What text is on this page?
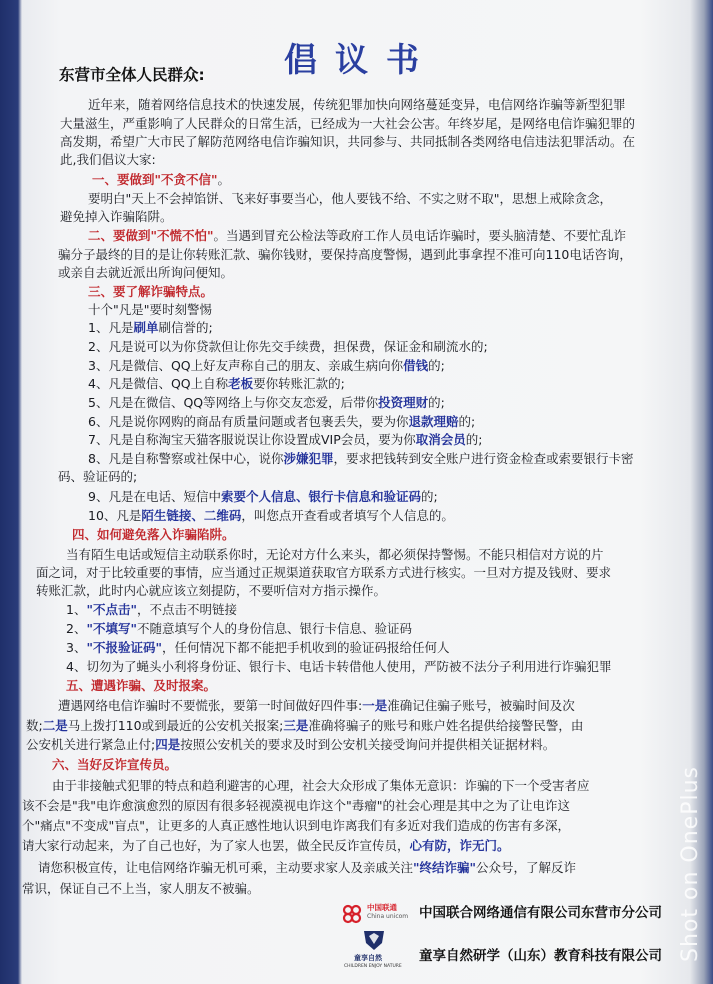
倡议书
东营市全体人民群众:
近年来，随着网络信息技术的快速发展，传统犯罪加快向网络蔓延变异，电信网络诈骗等新型犯罪
大量滋生，严重影响了人民群众的日常生活，已经成为一大社会公害。年终岁尾，是网络电信诈骗犯罪的
高发期，希望广大市民了解防范网络电信诈骗知识，共同参与、共同抵制各类网络电信违法犯罪活动。在
此,我们倡议大家:
一、要做到"不贪不信"。
要明白"天上不会掉馅饼、飞来好事要当心，他人要钱不给、不实之财不取"，思想上戒除贪念，
避免掉入诈骗陷阱。
二、要做到"不慌不怕"。当遇到冒充公检法等政府工作人员电话诈骗时，要头脑清楚、不要忙乱诈
骗分子最终的目的是让你转账汇款、骗你钱财，要保持高度警惕，遇到此事拿捏不准可向110电话咨询，
或亲自去就近派出所询问便知。
三、要了解诈骗特点。
十个"凡是"要时刻警惕
1、凡是刷单刷信誉的;
2、凡是说可以为你贷款但让你先交手续费，担保费，保证金和刷流水的;
3、凡是微信、QQ上好友声称自己的朋友、亲戚生病向你借钱的;
4、凡是微信、QQ上自称老板要你转账汇款的;
5、凡是在微信、QQ等网络上与你交友恋爱，后带你投资理财的;
6、凡是说你网购的商品有质量问题或者包裹丢失，要为你退款理赔的;
7、凡是自称淘宝天猫客服说误让你设置成VIP会员，要为你取消会员的;
8、凡是自称警察或社保中心，说你涉嫌犯罪，要求把钱转到安全账户进行资金检查或索要银行卡密
码、验证码的;
9、凡是在电话、短信中索要个人信息、银行卡信息和验证码的;
10、凡是陌生链接、二维码，叫您点开查看或者填写个人信息的。
四、如何避免落入诈骗陷阱。
当有陌生电话或短信主动联系你时，无论对方什么来头，都必须保持警惕。不能只相信对方说的片
面之词，对于比较重要的事情，应当通过正规渠道获取官方联系方式进行核实。一旦对方提及钱财、要求
转账汇款，此时内心就应该立刻提防，不要听信对方指示操作。
1、"不点击"，不点击不明链接
2、"不填写"不随意填写个人的身份信息、银行卡信息、验证码
3、"不报验证码"，任何情况下都不能把手机收到的验证码报给任何人
4、切勿为了蝇头小利将身份证、银行卡、电话卡转借他人使用，严防被不法分子利用进行诈骗犯罪
五、遭遇诈骗、及时报案。
遭遇网络电信诈骗时不要慌张，要第一时间做好四件事:一是准确记住骗子账号，被骗时间及次
数;二是马上拨打110或到最近的公安机关报案;三是准确将骗子的账号和账户姓名提供给接警民警，由
公安机关进行紧急止付;四是按照公安机关的要求及时到公安机关接受询问并提供相关证据材料。
六、当好反诈宣传员。
由于非接触式犯罪的特点和趋利避害的心理，社会大众形成了集体无意识：诈骗的下一个受害者应
该不会是"我"电诈愈演愈烈的原因有很多轻视漠视电诈这个"毒瘤"的社会心理是其中之为了让电诈这
个"痛点"不变成"盲点"，让更多的人真正感性地认识到电诈离我们有多近对我们造成的伤害有多深，
请大家行动起来，为了自己也好，为了家人也罢，做全民反诈宣传员，心有防，诈无门。
请您积极宣传，让电信网络诈骗无机可乘，主动要求家人及亲戚关注"终结诈骗"公众号，了解反诈
常识，保证自己不上当，家人朋友不被骗。
中国联通
China unicom 中国联合网络通信有限公司东营市分公司
童享自然
CHILDREN ENJOY NATURE
童享自然研学（山东）教育科技有限公司 Shot on OnePlus
